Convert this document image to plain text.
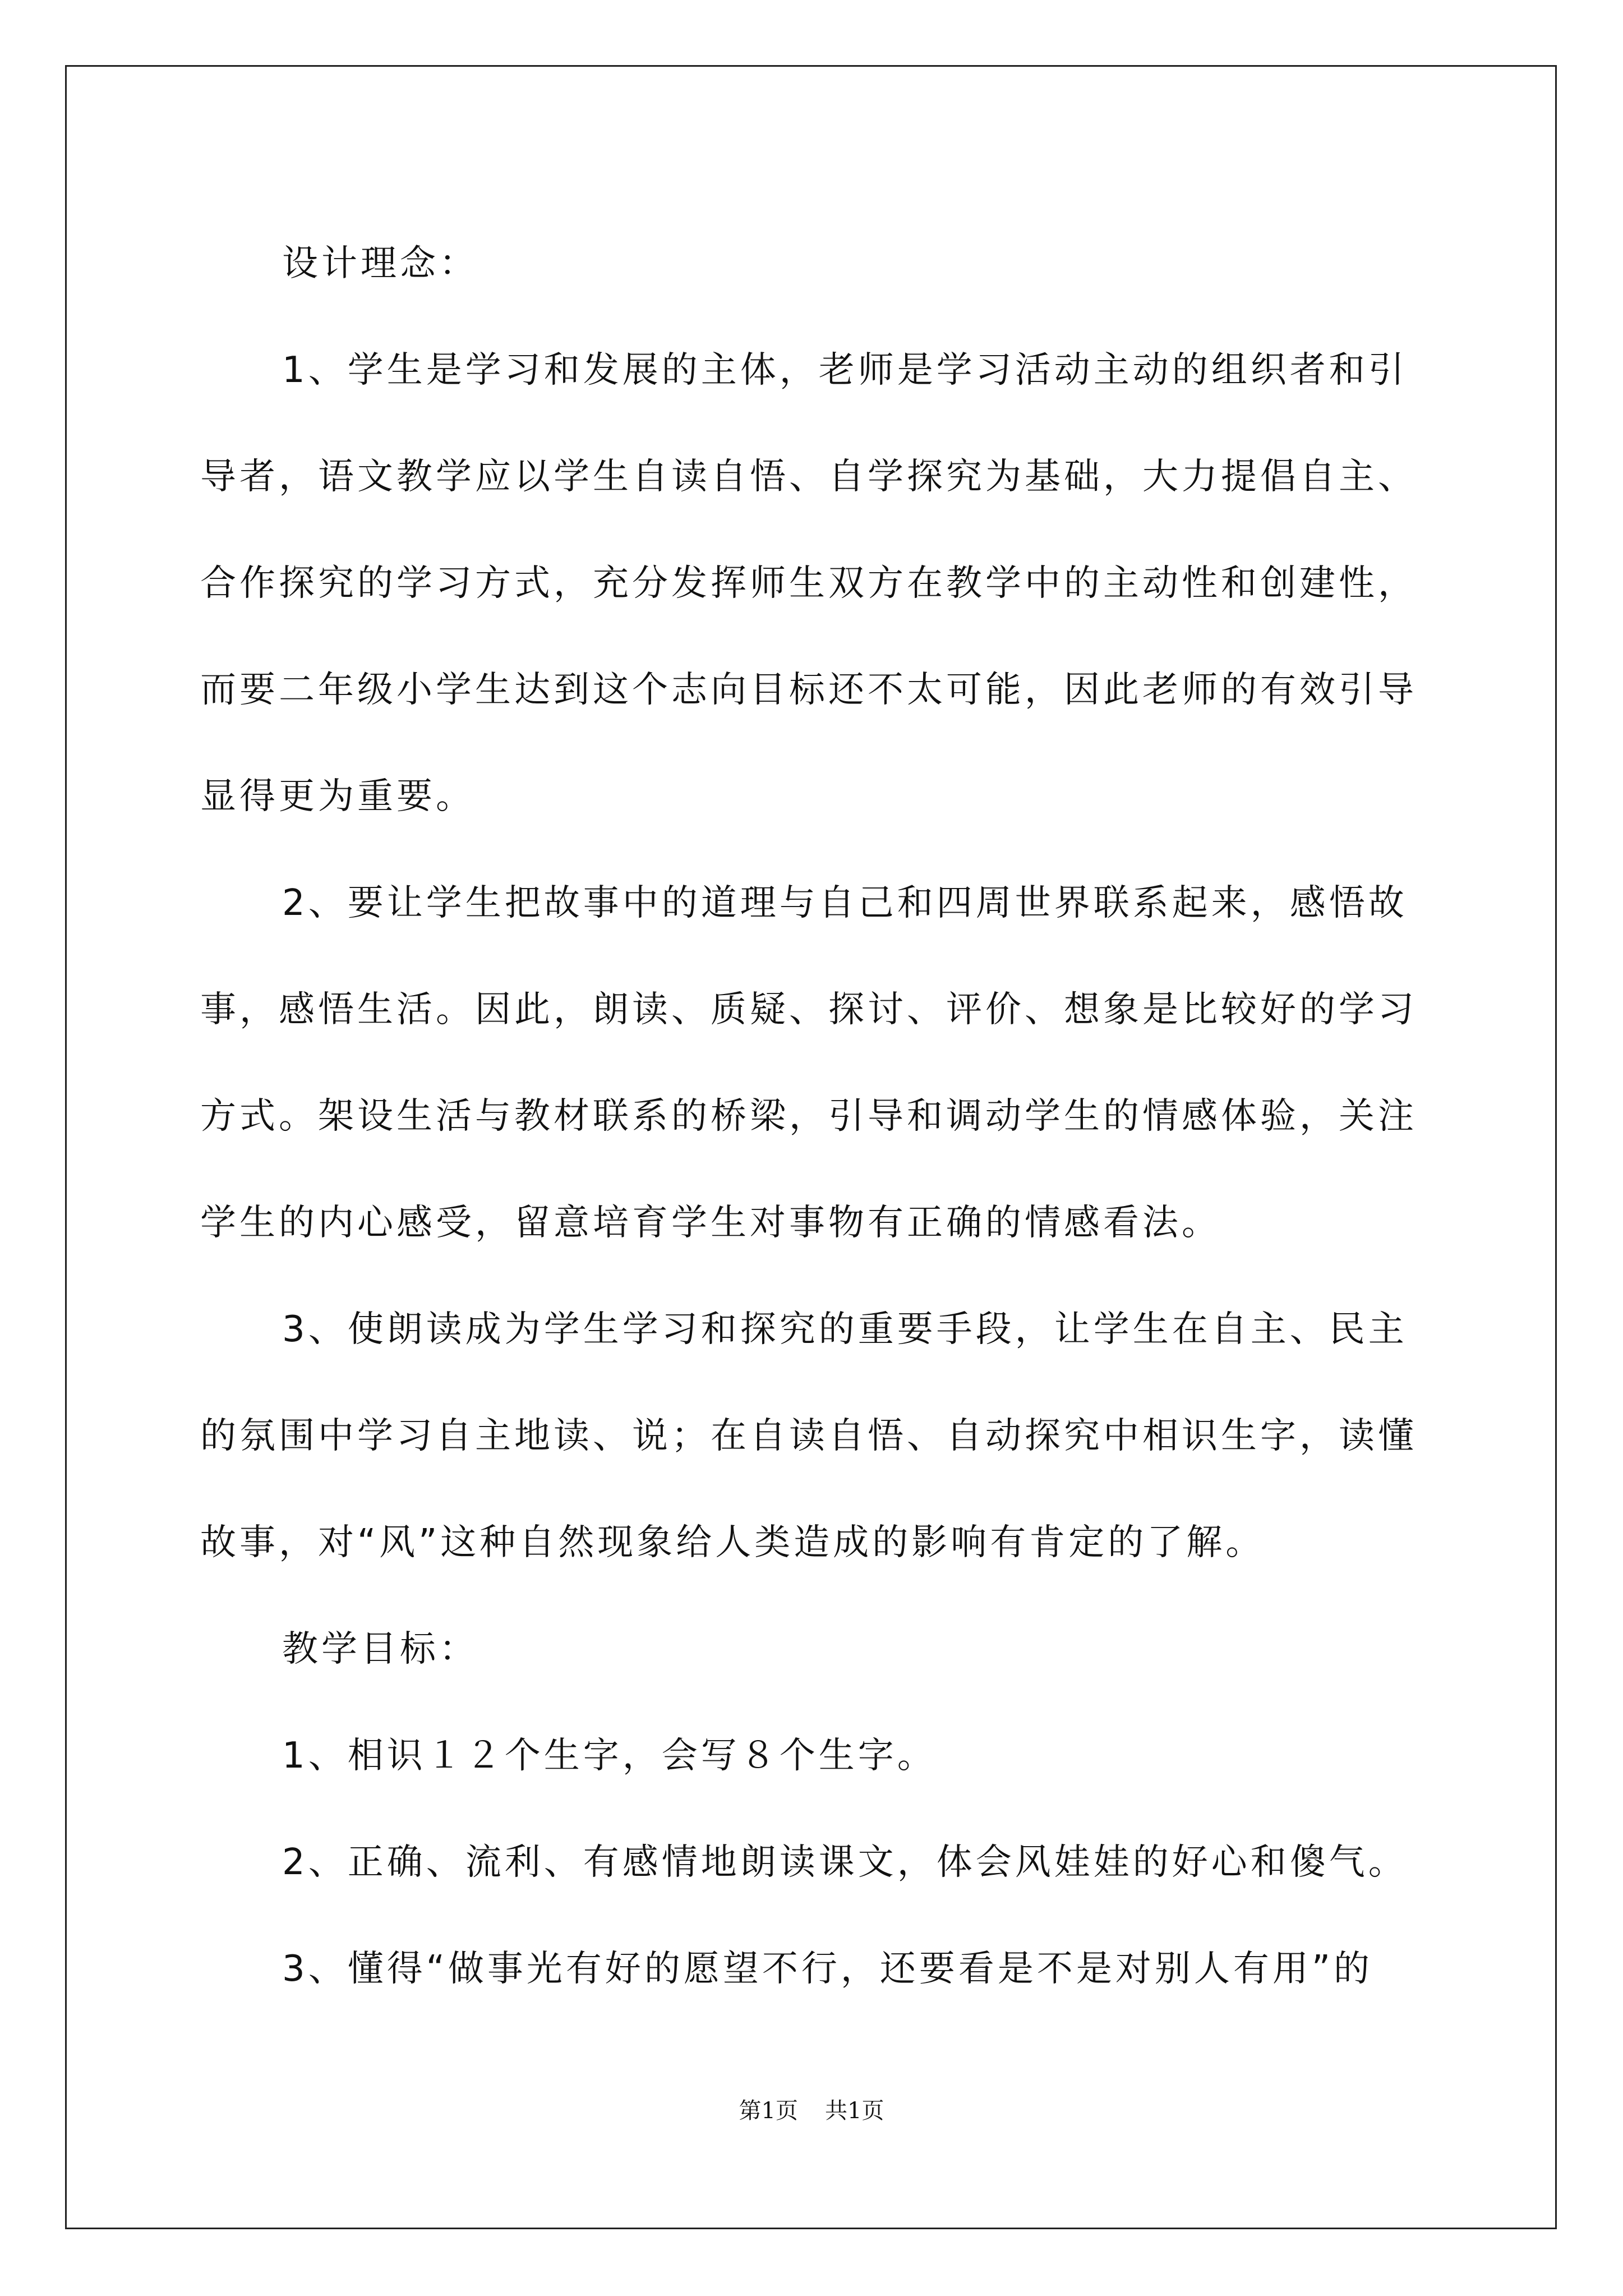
设计理念：

1、学生是学习和发展的主体，老师是学习活动主动的组织者和引导者，语文教学应以学生自读自悟、自学探究为基础，大力提倡自主、合作探究的学习方式，充分发挥师生双方在教学中的主动性和创建性，而要二年级小学生达到这个志向目标还不太可能，因此老师的有效引导显得更为重要。

2、要让学生把故事中的道理与自己和四周世界联系起来，感悟故事，感悟生活。因此，朗读、质疑、探讨、评价、想象是比较好的学习方式。架设生活与教材联系的桥梁，引导和调动学生的情感体验，关注学生的内心感受，留意培育学生对事物有正确的情感看法。

3、使朗读成为学生学习和探究的重要手段，让学生在自主、民主的氛围中学习自主地读、说；在自读自悟、自动探究中相识生字，读懂故事，对“风”这种自然现象给人类造成的影响有肯定的了解。

教学目标：

1、相识１２个生字，会写８个生字。

2、正确、流利、有感情地朗读课文，体会风娃娃的好心和傻气。

3、懂得“做事光有好的愿望不行，还要看是不是对别人有用”的

第1页 共1页
